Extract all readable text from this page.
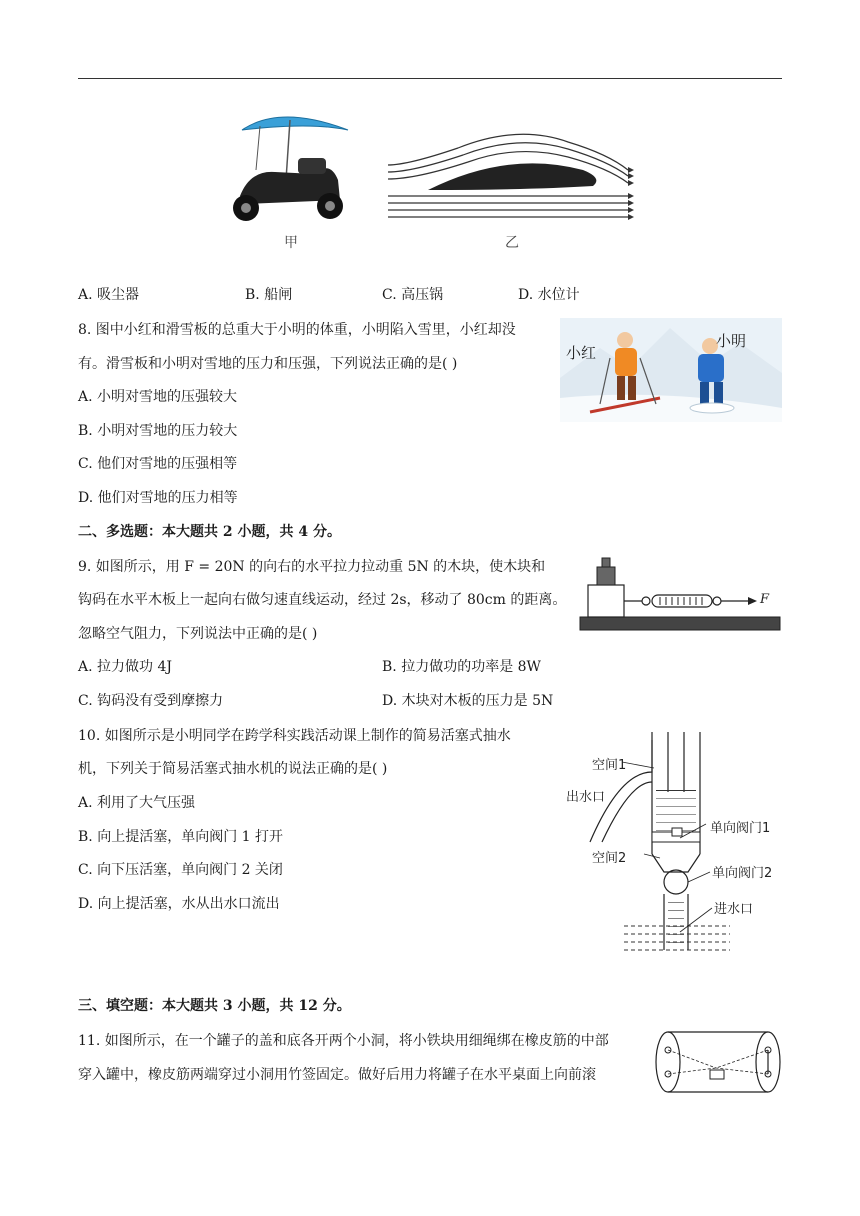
甲	乙
A. 吸尘器	B. 船闸	C. 高压锅	D. 水位计
8. 图中小红和滑雪板的总重大于小明的体重，小明陷入雪里，小红却没
有。滑雪板和小明对雪地的压力和压强，下列说法正确的是( )
A. 小明对雪地的压强较大
B. 小明对雪地的压力较大
C. 他们对雪地的压强相等
D. 他们对雪地的压力相等
小红
小明
二、多选题：本大题共 2 小题，共 4 分。
9. 如图所示，用 F = 20N 的向右的水平拉力拉动重 5N 的木块，使木块和
钩码在水平木板上一起向右做匀速直线运动，经过 2s，移动了 80cm 的距离。
忽略空气阻力，下列说法中正确的是( )
A. 拉力做功 4J	B. 拉力做功的功率是 8W
C. 钩码没有受到摩擦力	D. 木块对木板的压力是 5N
F
10. 如图所示是小明同学在跨学科实践活动课上制作的简易活塞式抽水
机，下列关于简易活塞式抽水机的说法正确的是( )
A. 利用了大气压强
B. 向上提活塞，单向阀门 1 打开
C. 向下压活塞，单向阀门 2 关闭
D. 向上提活塞，水从出水口流出
空间1
出水口
单向阀门1
空间2
单向阀门2
进水口
三、填空题：本大题共 3 小题，共 12 分。
11. 如图所示，在一个罐子的盖和底各开两个小洞，将小铁块用细绳绑在橡皮筋的中部
穿入罐中，橡皮筋两端穿过小洞用竹签固定。做好后用力将罐子在水平桌面上向前滚
